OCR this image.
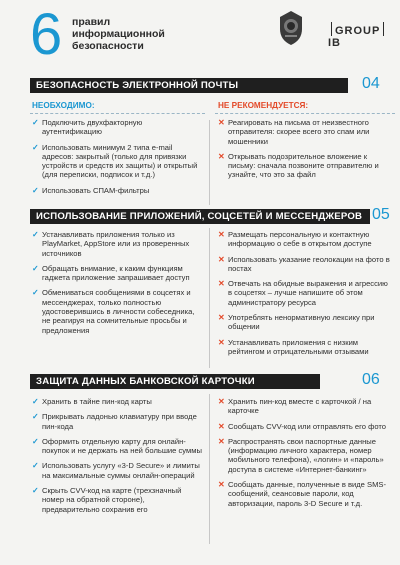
6 правил
информационной
безопасности
GROUPIB
БЕЗОПАСНОСТЬ ЭЛЕКТРОННОЙ ПОЧТЫ	04
НЕОБХОДИМО:	НЕ РЕКОМЕНДУЕТСЯ:
✓ Подключить двухфакторную аутентификацию
✓ Использовать минимум 2 типа e-mail адресов: закрытый (только для привязки устройств и средств их защиты) и открытый (для переписки, подписок и т.д.)
✓ Использовать СПАМ-фильтры
✕ Реагировать на письма от неизвестного отправителя: скорее всего это спам или мошенники
✕ Открывать подозрительное вложение к письму: сначала позвоните отправителю и узнайте, что это за файл
ИСПОЛЬЗОВАНИЕ ПРИЛОЖЕНИЙ, СОЦСЕТЕЙ И МЕССЕНДЖЕРОВ 05
✓ Устанавливать приложения только из PlayMarket, AppStore или из проверенных источников
✓ Обращать внимание, к каким функциям гаджета приложение запрашивает доступ
✓ Обмениваться сообщениями в соцсетях и мессенджерах, только полностью удостоверившись в личности собеседника, не реагируя на сомнительные просьбы и предложения
✕ Размещать персональную и контактную информацию о себе в открытом доступе
✕ Использовать указание геолокации на фото в постах
✕ Отвечать на обидные выражения и агрессию в соцсетях – лучше напишите об этом администратору ресурса
✕ Употреблять ненормативную лексику при общении
✕ Устанавливать приложения с низким рейтингом и отрицательными отзывами
ЗАЩИТА ДАННЫХ БАНКОВСКОЙ КАРТОЧКИ	06
✓ Хранить в тайне пин-код карты
✓ Прикрывать ладонью клавиатуру при вводе пин-кода
✓ Оформить отдельную карту для онлайн-покупок и не держать на ней большие суммы
✓ Использовать услугу «3-D Secure» и лимиты на максимальные суммы онлайн-операций
✓ Скрыть CVV-код на карте (трехзначный номер на обратной стороне), предварительно сохранив его
✕ Хранить пин-код вместе с карточкой / на карточке
✕ Сообщать CVV-код или отправлять его фото
✕ Распространять свои паспортные данные (информацию личного характера, номер мобильного телефона), «логин» и «пароль» доступа в системе «Интернет-банкинг»
✕ Сообщать данные, полученные в виде SMS-сообщений, сеансовые пароли, код авторизации, пароль 3-D Secure и т.д.
